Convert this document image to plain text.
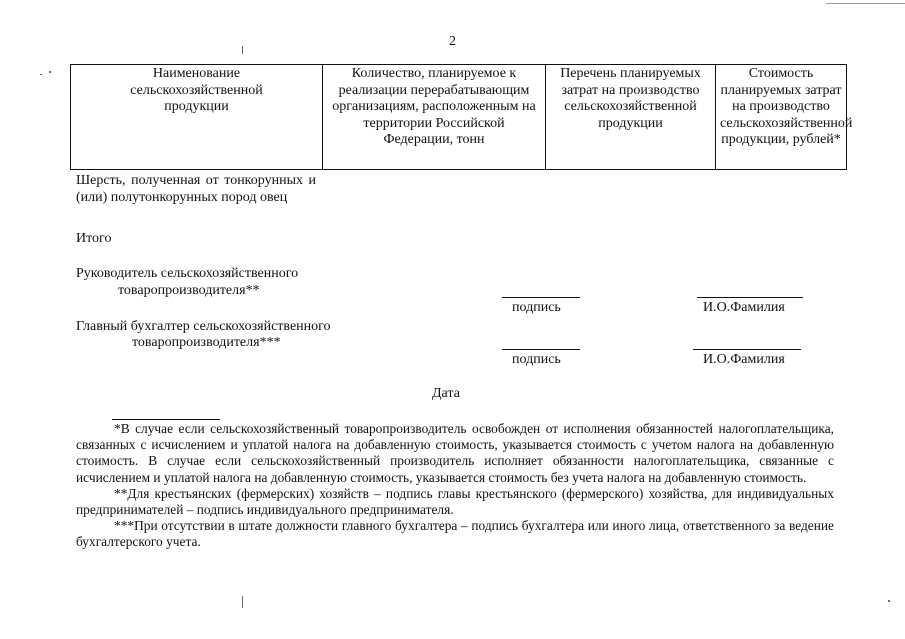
2
Наименование сельскохозяйственной продукции	Количество, планируемое к реализации перерабатывающим организациям, расположенным на территории Российской Федерации, тонн	Перечень планируемых затрат на производство сельскохозяйственной продукции	Стоимость планируемых затрат на производство сельскохозяйственной продукции, рублей*
Шерсть, полученная от тонкорунных и (или) полутонкорунных пород овец
Итого
Руководитель сельскохозяйственного
товаропроизводителя**
подпись	И.О.Фамилия
Главный бухгалтер сельскохозяйственного
товаропроизводителя***
подпись	И.О.Фамилия
Дата

*В случае если сельскохозяйственный товаропроизводитель освобожден от исполнения обязанностей налогоплательщика, связанных с исчислением и уплатой налога на добавленную стоимость, указывается стоимость с учетом налога на добавленную стоимость. В случае если сельскохозяйственный производитель исполняет обязанности налогоплательщика, связанные с исчислением и уплатой налога на добавленную стоимость, указывается стоимость без учета налога на добавленную стоимость.

**Для крестьянских (фермерских) хозяйств – подпись главы крестьянского (фермерского) хозяйства, для индивидуальных предпринимателей – подпись индивидуального предпринимателя.

***При отсутствии в штате должности главного бухгалтера – подпись бухгалтера или иного лица, ответственного за ведение бухгалтерского учета.
